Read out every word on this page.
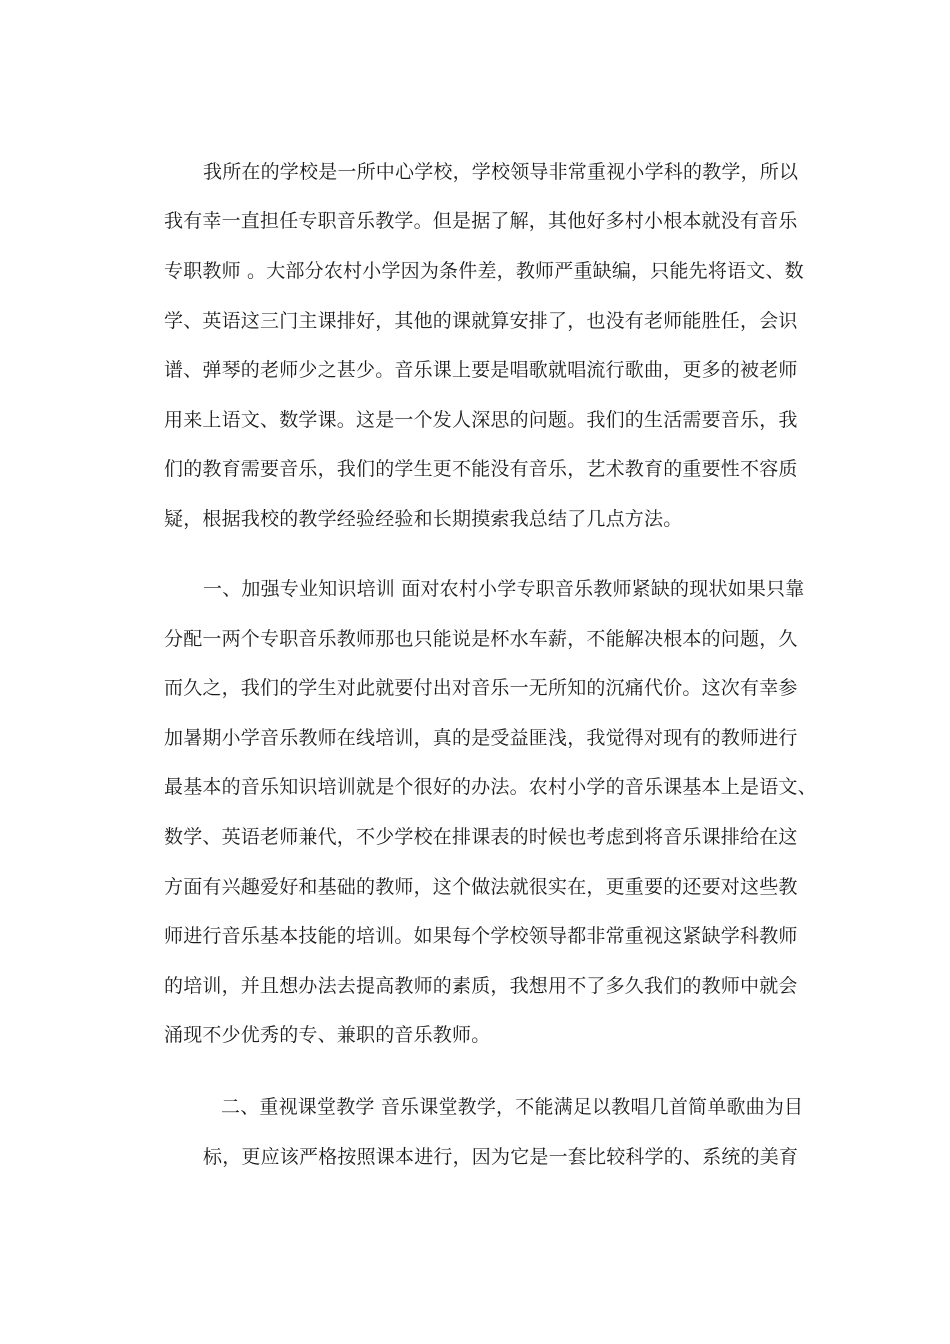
我所在的学校是一所中心学校，学校领导非常重视小学科的教学，所以
我有幸一直担任专职音乐教学。但是据了解，其他好多村小根本就没有音乐
专职教师 。大部分农村小学因为条件差，教师严重缺编，只能先将语文、数
学、英语这三门主课排好，其他的课就算安排了，也没有老师能胜任，会识
谱、弹琴的老师少之甚少。音乐课上要是唱歌就唱流行歌曲，更多的被老师
用来上语文、数学课。这是一个发人深思的问题。我们的生活需要音乐，我
们的教育需要音乐，我们的学生更不能没有音乐，艺术教育的重要性不容质
疑，根据我校的教学经验经验和长期摸索我总结了几点方法。
一、加强专业知识培训 面对农村小学专职音乐教师紧缺的现状如果只靠
分配一两个专职音乐教师那也只能说是杯水车薪，不能解决根本的问题，久
而久之，我们的学生对此就要付出对音乐一无所知的沉痛代价。这次有幸参
加暑期小学音乐教师在线培训，真的是受益匪浅，我觉得对现有的教师进行
最基本的音乐知识培训就是个很好的办法。农村小学的音乐课基本上是语文、
数学、英语老师兼代，不少学校在排课表的时候也考虑到将音乐课排给在这
方面有兴趣爱好和基础的教师，这个做法就很实在，更重要的还要对这些教
师进行音乐基本技能的培训。如果每个学校领导都非常重视这紧缺学科教师
的培训，并且想办法去提高教师的素质，我想用不了多久我们的教师中就会
涌现不少优秀的专、兼职的音乐教师。
二、重视课堂教学 音乐课堂教学，不能满足以教唱几首简单歌曲为目
标，更应该严格按照课本进行，因为它是一套比较科学的、系统的美育
